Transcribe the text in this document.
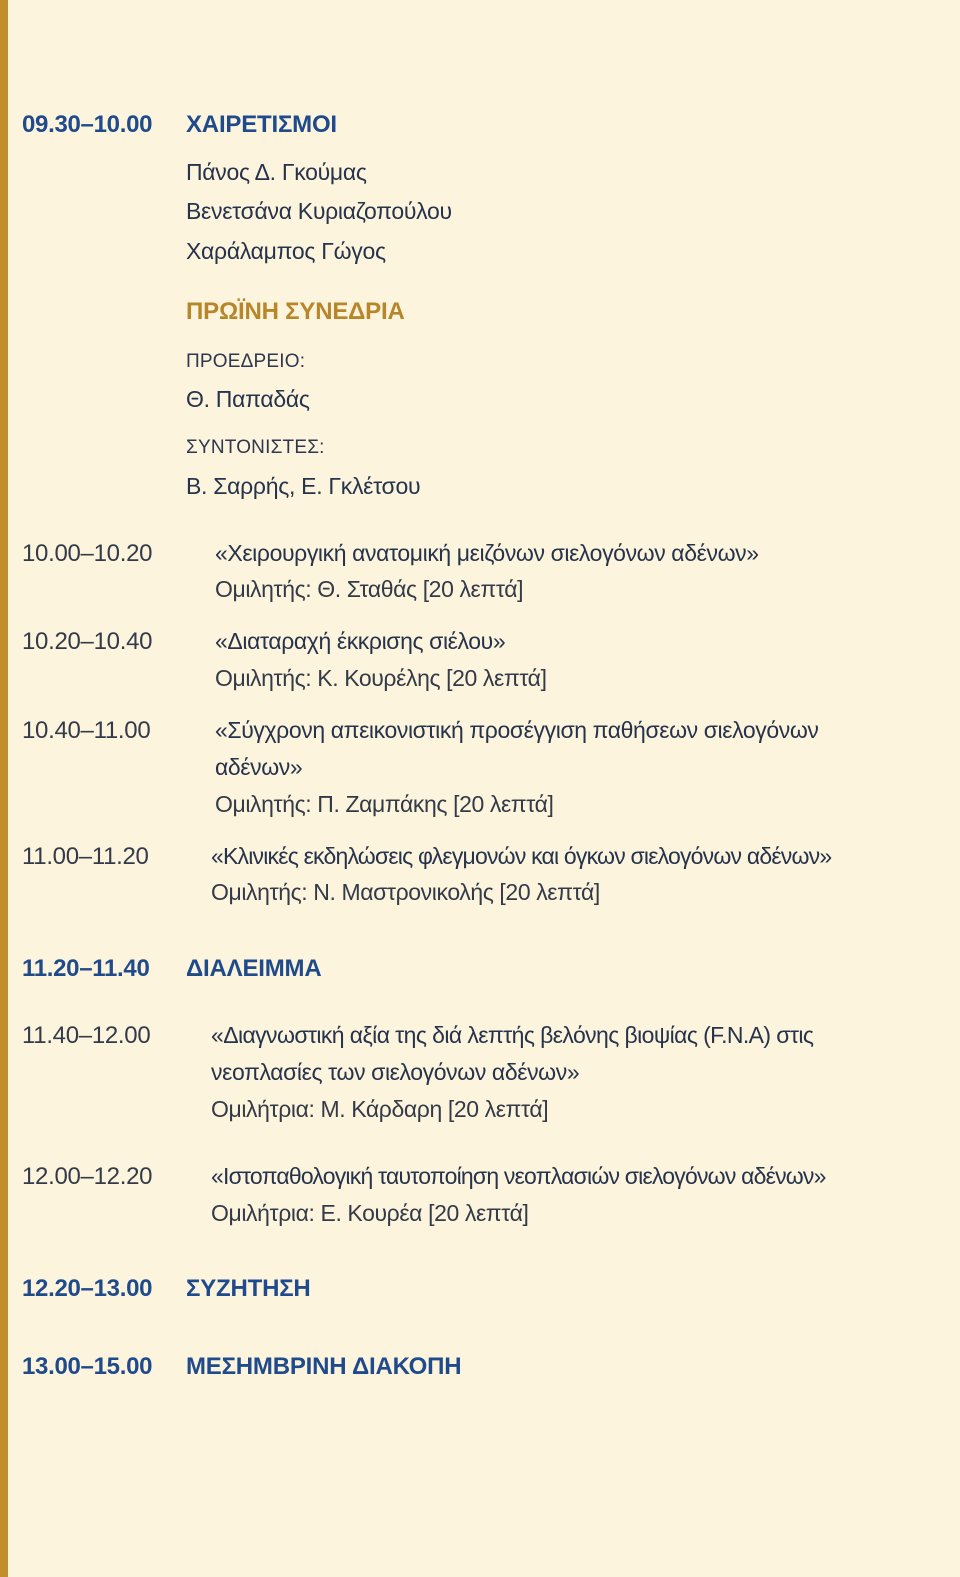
09.30–10.00 ΧΑΙΡΕΤΙΣΜΟΙ
Πάνος Δ. Γκούμας
Βενετσάνα Κυριαζοπούλου
Χαράλαμπος Γώγος
ΠΡΩΪΝΗ ΣΥΝΕΔΡΙΑ
ΠΡΟΕΔΡΕΙΟ:
Θ. Παπαδάς
ΣΥΝΤΟΝΙΣΤΕΣ:
Β. Σαρρής, Ε. Γκλέτσου
10.00–10.20	«Χειρουργική ανατομική μειζόνων σιελογόνων αδένων»
Ομιλητής: Θ. Σταθάς [20 λεπτά]
10.20–10.40	«Διαταραχή έκκρισης σιέλου»
Ομιλητής: Κ. Κουρέλης [20 λεπτά]
10.40–11.00	«Σύγχρονη απεικονιστική προσέγγιση παθήσεων σιελογόνων
αδένων»
Ομιλητής: Π. Ζαμπάκης [20 λεπτά]
11.00–11.20	«Κλινικές εκδηλώσεις φλεγμονών και όγκων σιελογόνων αδένων»
Ομιλητής: Ν. Μαστρονικολής [20 λεπτά]
11.20–11.40 ΔΙΑΛΕΙΜΜΑ
11.40–12.00	«Διαγνωστική αξία της διά λεπτής βελόνης βιοψίας (F.N.A) στις
νεοπλασίες των σιελογόνων αδένων»
Ομιλήτρια: Μ. Κάρδαρη [20 λεπτά]
12.00–12.20	«Ιστοπαθολογική ταυτοποίηση νεοπλασιών σιελογόνων αδένων»
Ομιλήτρια: Ε. Κουρέα [20 λεπτά]
12.20–13.00 ΣΥΖΗΤΗΣΗ
13.00–15.00 ΜΕΣΗΜΒΡΙΝΗ ΔΙΑΚΟΠΗ
